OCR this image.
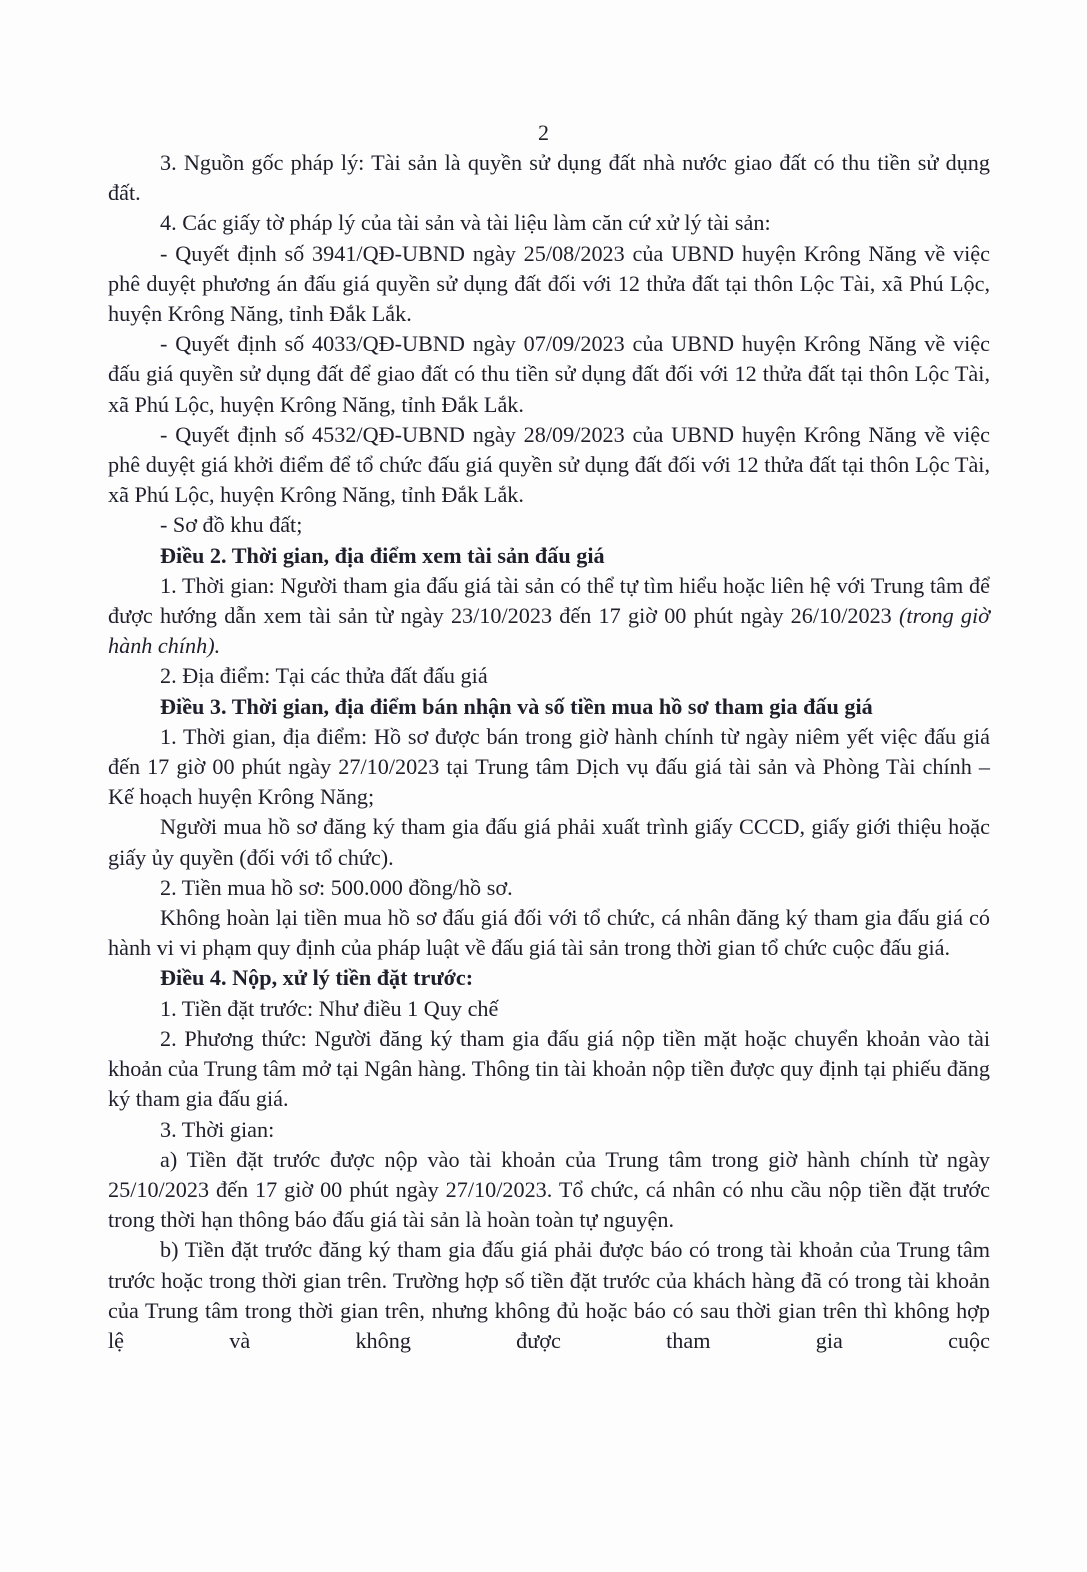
2

3. Nguồn gốc pháp lý: Tài sản là quyền sử dụng đất nhà nước giao đất có thu tiền sử dụng đất.

4. Các giấy tờ pháp lý của tài sản và tài liệu làm căn cứ xử lý tài sản:

- Quyết định số 3941/QĐ-UBND ngày 25/08/2023 của UBND huyện Krông Năng về việc phê duyệt phương án đấu giá quyền sử dụng đất đối với 12 thửa đất tại thôn Lộc Tài, xã Phú Lộc, huyện Krông Năng, tỉnh Đắk Lắk.

- Quyết định số 4033/QĐ-UBND ngày 07/09/2023 của UBND huyện Krông Năng về việc đấu giá quyền sử dụng đất để giao đất có thu tiền sử dụng đất đối với 12 thửa đất tại thôn Lộc Tài, xã Phú Lộc, huyện Krông Năng, tỉnh Đắk Lắk.

- Quyết định số 4532/QĐ-UBND ngày 28/09/2023 của UBND huyện Krông Năng về việc phê duyệt giá khởi điểm để tổ chức đấu giá quyền sử dụng đất đối với 12 thửa đất tại thôn Lộc Tài, xã Phú Lộc, huyện Krông Năng, tỉnh Đắk Lắk.

- Sơ đồ khu đất;

Điều 2. Thời gian, địa điểm xem tài sản đấu giá

1. Thời gian: Người tham gia đấu giá tài sản có thể tự tìm hiểu hoặc liên hệ với Trung tâm để được hướng dẫn xem tài sản từ ngày 23/10/2023 đến 17 giờ 00 phút ngày 26/10/2023 (trong giờ hành chính).

2. Địa điểm: Tại các thửa đất đấu giá

Điều 3. Thời gian, địa điểm bán nhận và số tiền mua hồ sơ tham gia đấu giá

1. Thời gian, địa điểm: Hồ sơ được bán trong giờ hành chính từ ngày niêm yết việc đấu giá đến 17 giờ 00 phút ngày 27/10/2023 tại Trung tâm Dịch vụ đấu giá tài sản và Phòng Tài chính – Kế hoạch huyện Krông Năng;

Người mua hồ sơ đăng ký tham gia đấu giá phải xuất trình giấy CCCD, giấy giới thiệu hoặc giấy ủy quyền (đối với tổ chức).

2. Tiền mua hồ sơ: 500.000 đồng/hồ sơ.

Không hoàn lại tiền mua hồ sơ đấu giá đối với tổ chức, cá nhân đăng ký tham gia đấu giá có hành vi vi phạm quy định của pháp luật về đấu giá tài sản trong thời gian tổ chức cuộc đấu giá.

Điều 4. Nộp, xử lý tiền đặt trước:

1. Tiền đặt trước: Như điều 1 Quy chế

2. Phương thức: Người đăng ký tham gia đấu giá nộp tiền mặt hoặc chuyển khoản vào tài khoản của Trung tâm mở tại Ngân hàng. Thông tin tài khoản nộp tiền được quy định tại phiếu đăng ký tham gia đấu giá.

3. Thời gian:

a) Tiền đặt trước được nộp vào tài khoản của Trung tâm trong giờ hành chính từ ngày 25/10/2023 đến 17 giờ 00 phút ngày 27/10/2023. Tổ chức, cá nhân có nhu cầu nộp tiền đặt trước trong thời hạn thông báo đấu giá tài sản là hoàn toàn tự nguyện.

b) Tiền đặt trước đăng ký tham gia đấu giá phải được báo có trong tài khoản của Trung tâm trước hoặc trong thời gian trên. Trường hợp số tiền đặt trước của khách hàng đã có trong tài khoản của Trung tâm trong thời gian trên, nhưng không đủ hoặc báo có sau thời gian trên thì không hợp lệ và không được tham gia cuộc
